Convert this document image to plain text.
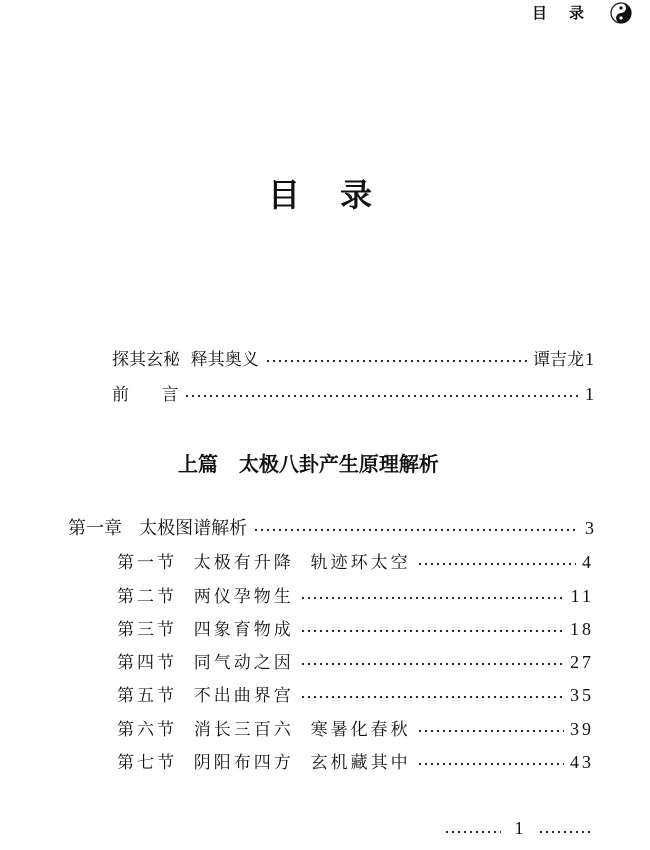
目录
目录
探其玄秘  释其奥义	谭吉龙 1
前      言	1
上篇   太极八卦产生原理解析
第一章   太极图谱解析	3
第一节  太极有升降  轨迹环太空	4
第二节  两仪孕物生	11
第三节  四象育物成	18
第四节  同气动之因	27
第五节  不出曲界宫	35
第六节  消长三百六  寒暑化春秋	39
第七节  阴阳布四方  玄机藏其中	43
1
